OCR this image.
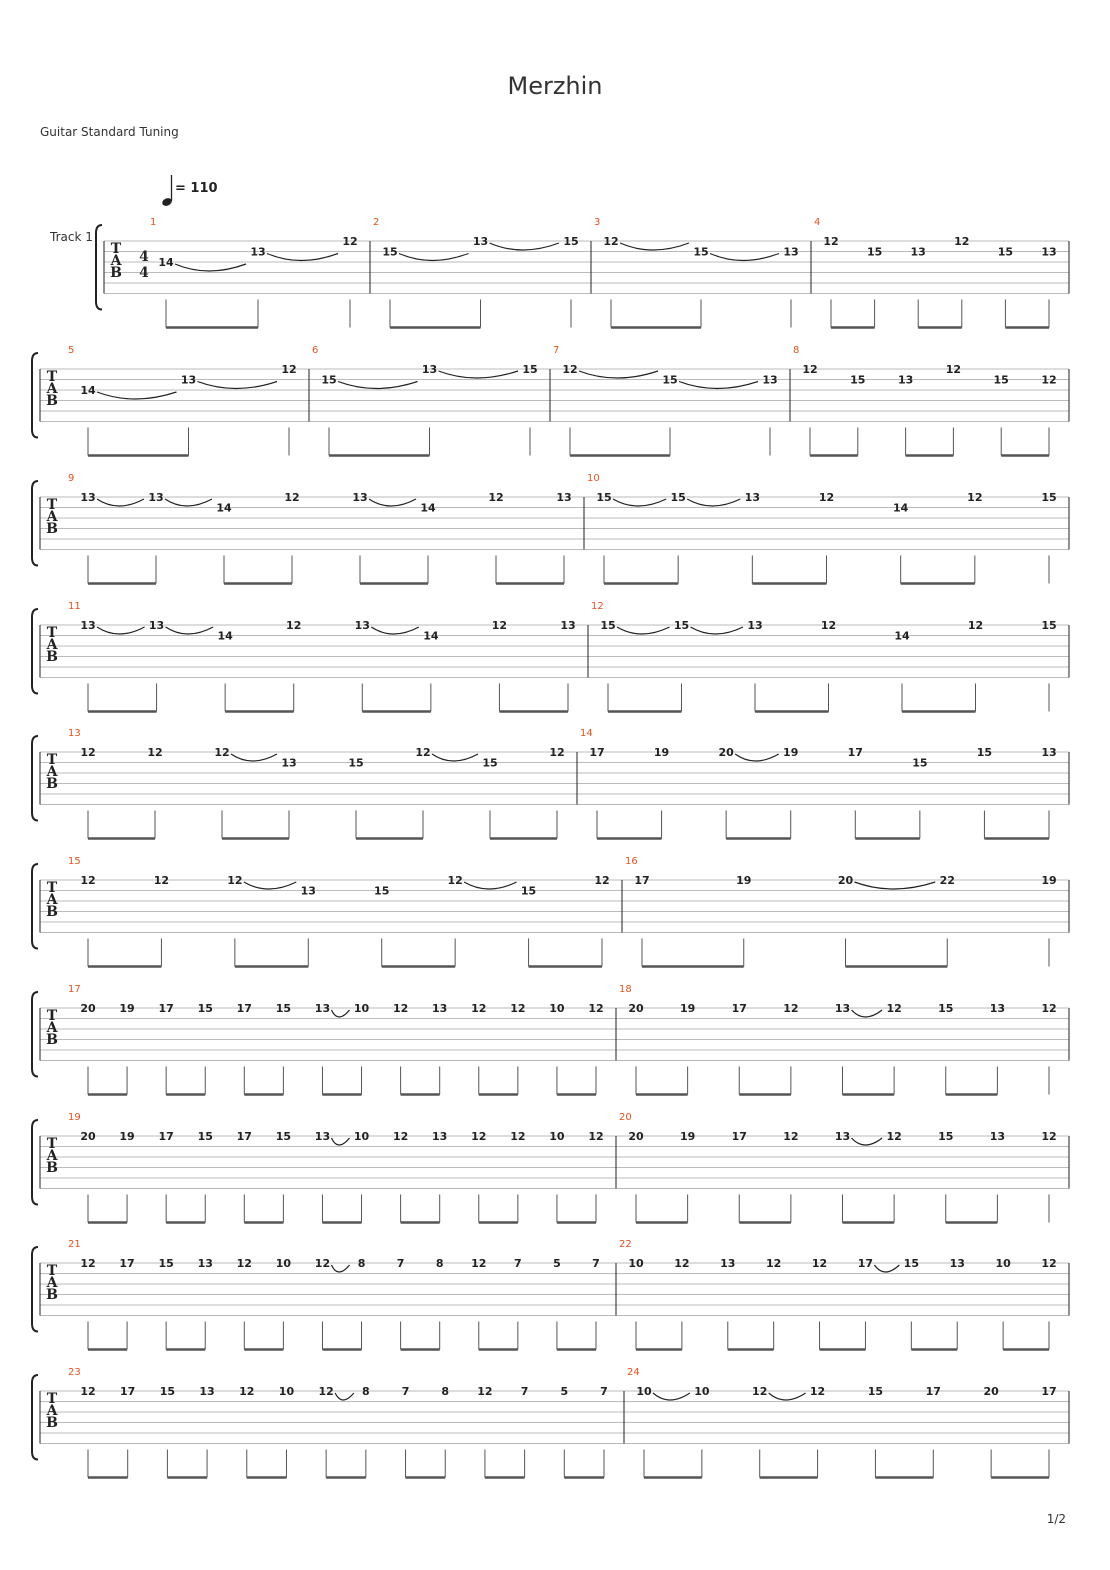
Merzhin
Guitar Standard Tuning
= 110
1/2
T
A
B
Track 1
4
4
1
14
13
12
2
15
13	15
3
12
15	13
4
12
15	13
12
15	13
T
A
B
5
14
13
12
6
15
13	15
7
12
15	13
8
12
15	13
12
15	12
T
A
B
9
13	13
14
12	13
14
12	13
10
15	15	13	12
14
12	15
T
A
B
11
13	13
14
12	13
14
12	13
12
15	15	13	12
14
12	15
T
A
B
13
12	12	12
13	15
12
15
12
14
17	19	20	19	17
15
15	13
T
A
B
15
12	12	12
13	15
12
15
12
16
17	19	20	22	19
T
A
B
17
20 19 17 15 17 15 13 10 12 13 12 12 10 12
18
20	19	17	12	13	12	15	13	12
T
A
B
19
20 19 17 15 17 15 13 10 12 13 12 12 10 12
20
20	19	17	12	13	12	15	13	12
T
A
B
21
12 17 15 13 12 10 12	8	7	8	12	7	5	7
22
10	12	13	12	12	17	15	13	10	12
T
A
B
23
12 17 15 13 12 10 12	8	7	8	12	7	5	7
24
10	10	12	12	15	17	20	17
